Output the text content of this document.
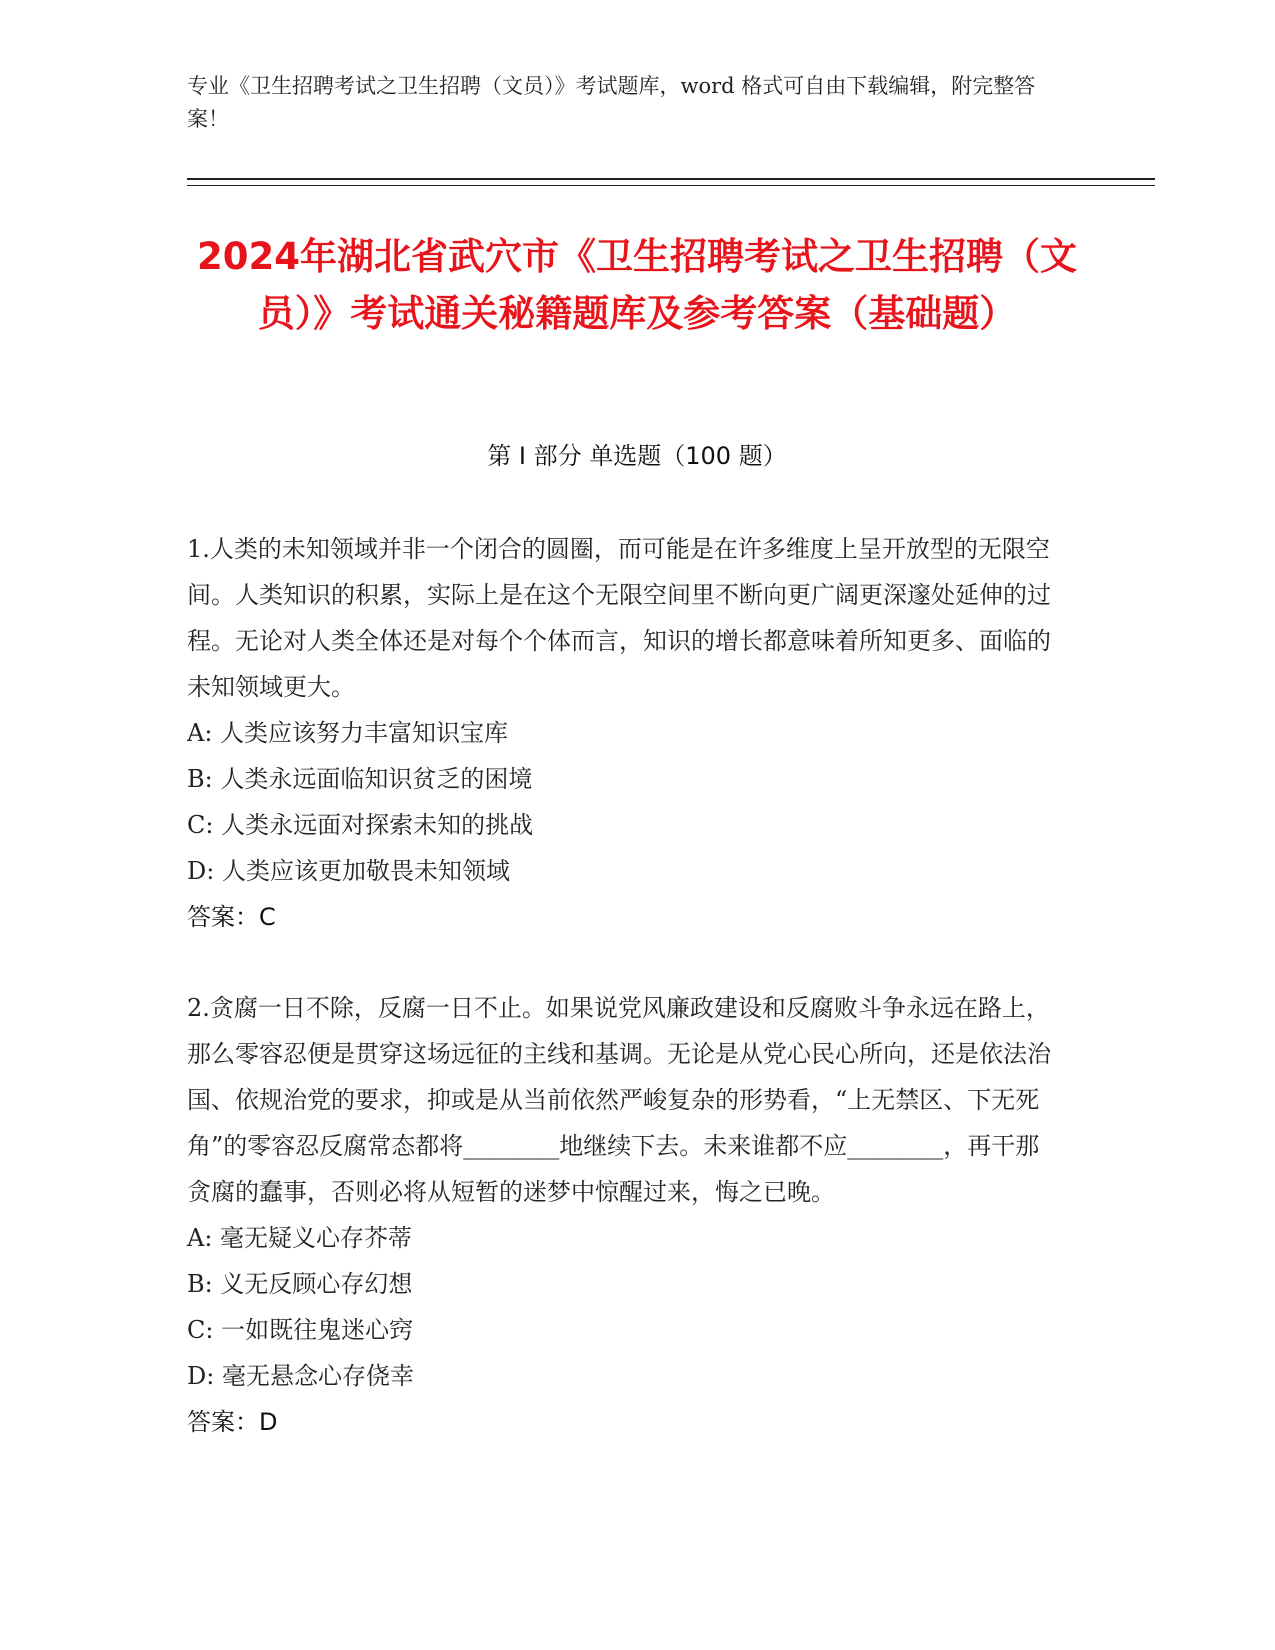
专业《卫生招聘考试之卫生招聘（文员）》考试题库，word 格式可自由下载编辑，附完整答案！
2024年湖北省武穴市《卫生招聘考试之卫生招聘（文员）》考试通关秘籍题库及参考答案（基础题）
第 I 部分 单选题（100 题）

1.人类的未知领域并非一个闭合的圆圈，而可能是在许多维度上呈开放型的无限空间。人类知识的积累，实际上是在这个无限空间里不断向更广阔更深邃处延伸的过程。无论对人类全体还是对每个个体而言，知识的增长都意味着所知更多、面临的未知领域更大。

A: 人类应该努力丰富知识宝库

B: 人类永远面临知识贫乏的困境

C: 人类永远面对探索未知的挑战

D: 人类应该更加敬畏未知领域

答案：C

2.贪腐一日不除，反腐一日不止。如果说党风廉政建设和反腐败斗争永远在路上，那么零容忍便是贯穿这场远征的主线和基调。无论是从党心民心所向，还是依法治国、依规治党的要求，抑或是从当前依然严峻复杂的形势看，“上无禁区、下无死角”的零容忍反腐常态都将________地继续下去。未来谁都不应________，再干那贪腐的蠢事，否则必将从短暂的迷梦中惊醒过来，悔之已晚。

A: 毫无疑义心存芥蒂

B: 义无反顾心存幻想

C: 一如既往鬼迷心窍

D: 毫无悬念心存侥幸

答案：D
